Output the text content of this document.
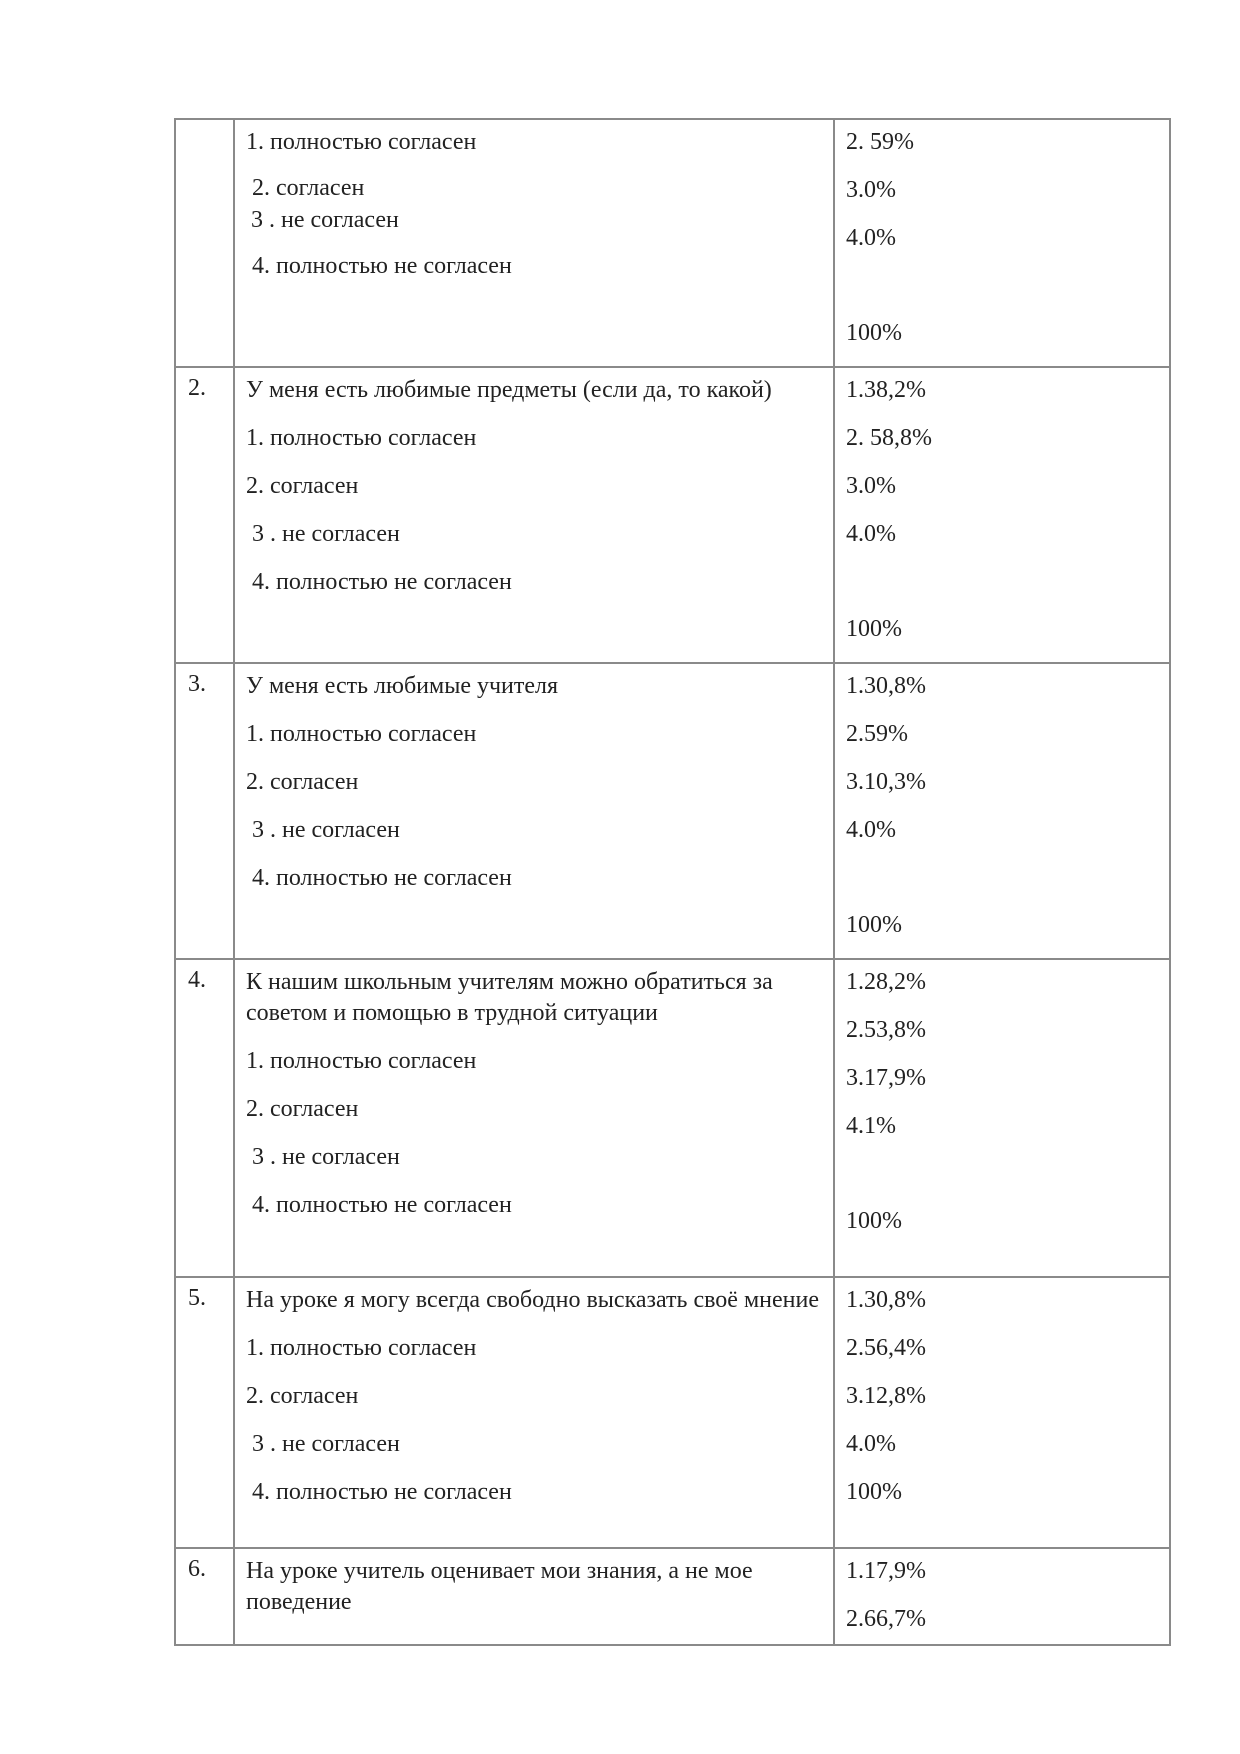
	1. полностью согласен
2. согласен
3 . не согласен
4. полностью не согласен	2. 59%
3.0%
4.0%
100%

2.	У меня есть любимые предметы (если да, то какой)
1. полностью согласен
2. согласен
3 . не согласен
4. полностью не согласен	1.38,2%
2. 58,8%
3.0%
4.0%
100%

3.	У меня есть любимые учителя
1. полностью согласен
2. согласен
3 . не согласен
4. полностью не согласен	1.30,8%
2.59%
3.10,3%
4.0%
100%

4.	К нашим школьным учителям можно обратиться за советом и помощью в трудной ситуации
1. полностью согласен
2. согласен
3 . не согласен
4. полностью не согласен	1.28,2%
2.53,8%
3.17,9%
4.1%
100%

5.	На уроке я могу всегда свободно высказать своё мнение
1. полностью согласен
2. согласен
3 . не согласен
4. полностью не согласен	1.30,8%
2.56,4%
3.12,8%
4.0%
100%

6.	На уроке учитель оценивает мои знания, а не мое поведение	1.17,9%
2.66,7%
